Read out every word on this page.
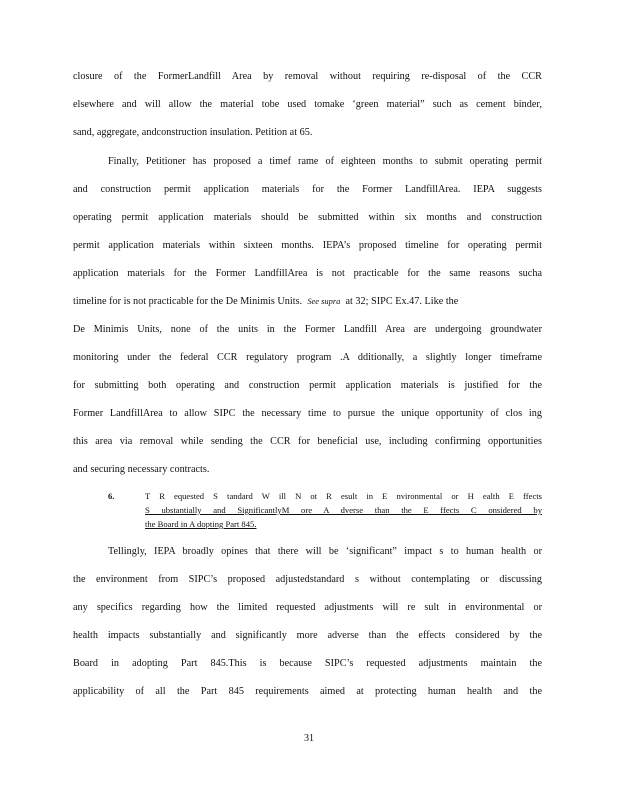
closure of the FormerLandfill Area by removal without requiring re-disposal of the CCR
elsewhere and will allow the material tobe used tomake ‘green material” such as cement binder,
sand, aggregate, andconstruction insulation. Petition at 65.
Finally, Petitioner has proposed a timef rame of eighteen months to submit operating permit
and construction permit application materials for the Former LandfillArea. IEPA suggests
operating permit application materials should be submitted within six months and construction
permit application materials within sixteen months. IEPA’s proposed timeline for operating permit
application materials for the Former LandfillArea is not practicable for the same reasons sucha
timeline for is not practicable for the De Minimis Units. See supra at 32; SIPC Ex.47. Like the
De Minimis Units, none of the units in the Former Landfill Area are undergoing groundwater
monitoring under the federal CCR regulatory program .A dditionally, a slightly longer timeframe
for submitting both operating and construction permit application materials is justified for the
Former LandfillArea to allow SIPC the necessary time to pursue the unique opportunity of clos ing
this area via removal while sending the CCR for beneficial use, including confirming opportunities
and securing necessary contracts.
6.	T R equested S tandard W ill N ot R esult in E nvironmental or H ealth E ffects
S ubstantially and SignificantlyM ore A dverse than the E ffects C onsidered by
the Board in A dopting Part 845.
Tellingly, IEPA broadly opines that there will be ‘significant” impact s to human health or
the environment from SIPC’s proposed adjustedstandard s without contemplating or discussing
any specifics regarding how the limited requested adjustments will re sult in environmental or
health impacts substantially and significantly more adverse than the effects considered by the
Board in adopting Part 845.This is because SIPC’s requested adjustments maintain the
applicability of all the Part 845 requirements aimed at protecting human health and the
31
